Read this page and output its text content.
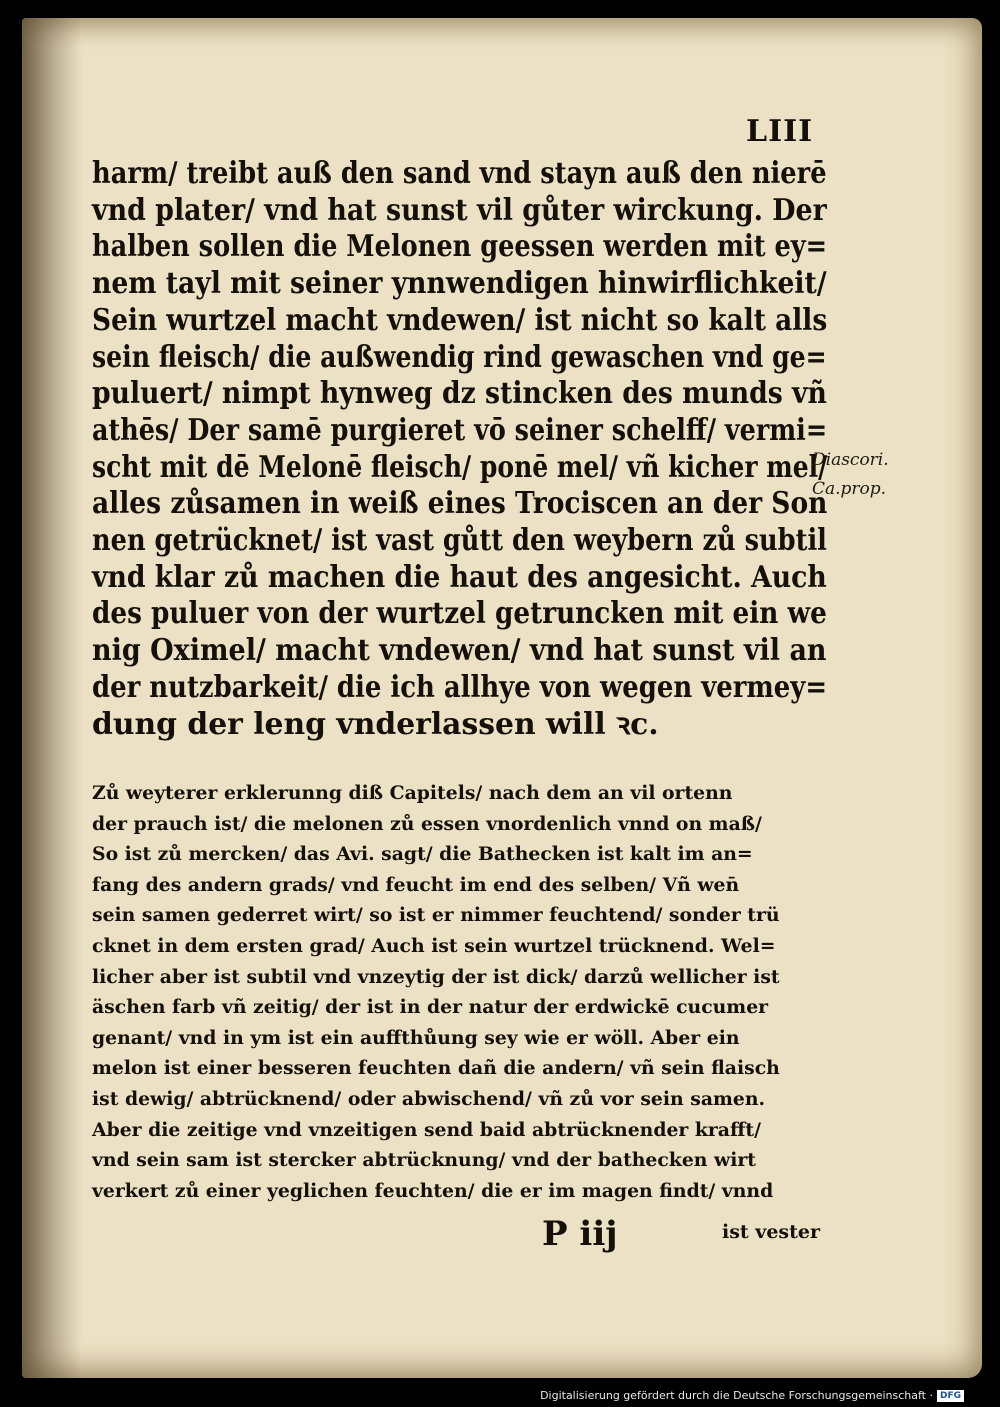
LIII
harm/ treibt auß den sand vnd stayn auß den nierē
vnd plater/ vnd hat sunst vil gůter wirckung. Der
halben sollen die Melonen geessen werden mit ey=
nem tayl mit seiner ynnwendigen hinwirflichkeit/
Sein wurtzel macht vndewen/ ist nicht so kalt alls
sein fleisch/ die außwendig rind gewaschen vnd ge=
puluert/ nimpt hynweg dz stincken des munds vñ
athēs/ Der samē purgieret vō seiner schelff/ vermi=
scht mit dē Melonē fleisch/ ponē mel/ vñ kicher mel/
alles zůsamen in weiß eines Trociscen an der Son
nen getrücknet/ ist vast gůtt den weybern zů subtil
vnd klar zů machen die haut des angesicht. Auch
des puluer von der wurtzel getruncken mit ein we
nig Oximel/ macht vndewen/ vnd hat sunst vil an
der nutzbarkeit/ die ich allhye von wegen vermey=
dung der leng vnderlassen will ꝛc.
Diascori.
Ca.prop.
Zů weyterer erklerunng diß Capitels/ nach dem an vil ortenn
der prauch ist/ die melonen zů essen vnordenlich vnnd on maß/
So ist zů mercken/ das Avi. sagt/ die Bathecken ist kalt im an=
fang des andern grads/ vnd feucht im end des selben/ Vñ wen̄
sein samen gederret wirt/ so ist er nimmer feuchtend/ sonder trü
cknet in dem ersten grad/ Auch ist sein wurtzel trücknend. Wel=
licher aber ist subtil vnd vnzeytig der ist dick/ darzů wellicher ist
äschen farb vñ zeitig/ der ist in der natur der erdwickē cucumer
genant/ vnd in ym ist ein auffthůung sey wie er wöll. Aber ein
melon ist einer besseren feuchten dañ die andern/ vñ sein flaisch
ist dewig/ abtrücknend/ oder abwischend/ vñ zů vor sein samen.
Aber die zeitige vnd vnzeitigen send baid abtrücknender krafft/
vnd sein sam ist stercker abtrücknung/ vnd der bathecken wirt
verkert zů einer yeglichen feuchten/ die er im magen findt/ vnnd
P iij	ist vester
Digitalisierung gefördert durch die Deutsche Forschungsgemeinschaft · DFG
